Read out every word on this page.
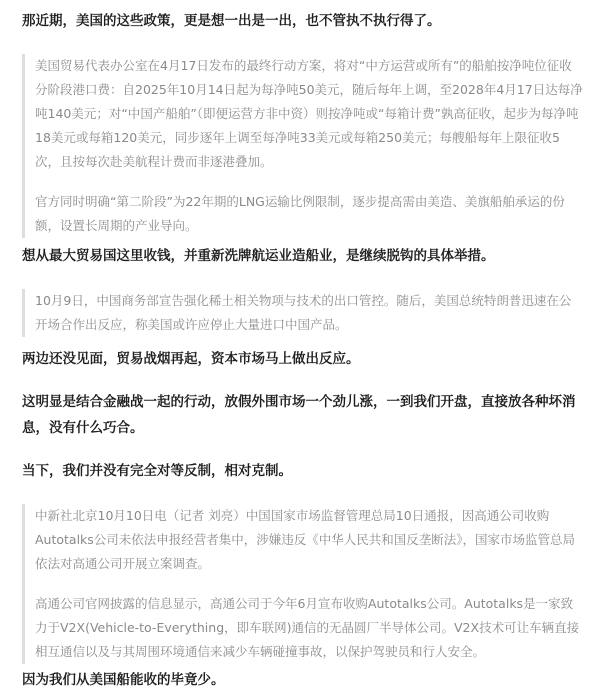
那近期，美国的这些政策，更是想一出是一出，也不管执不执行得了。

美国贸易代表办公室在4月17日发布的最终行动方案，将对“中方运营或所有”的船舶按净吨位征收分阶段港口费：自2025年10月14日起为每净吨50美元，随后每年上调，至2028年4月17日达每净吨140美元；对“中国产船舶”（即便运营方非中资）则按净吨或“每箱计费”孰高征收，起步为每净吨18美元或每箱120美元，同步逐年上调至每净吨33美元或每箱250美元；每艘船每年上限征收5次，且按每次赴美航程计费而非逐港叠加。

官方同时明确“第二阶段”为22年期的LNG运输比例限制，逐步提高需由美造、美旗船舶承运的份额，设置长周期的产业导向。

想从最大贸易国这里收钱，并重新洗牌航运业造船业，是继续脱钩的具体举措。

10月9日，中国商务部宣告强化稀土相关物项与技术的出口管控。随后，美国总统特朗普迅速在公开场合作出反应，称美国或许应停止大量进口中国产品。

两边还没见面，贸易战烟再起，资本市场马上做出反应。

这明显是结合金融战一起的行动，放假外围市场一个劲儿涨，一到我们开盘，直接放各种坏消息，没有什么巧合。

当下，我们并没有完全对等反制，相对克制。

中新社北京10月10日电（记者 刘亮）中国国家市场监督管理总局10日通报，因高通公司收购Autotalks公司未依法申报经营者集中，涉嫌违反《中华人民共和国反垄断法》，国家市场监管总局依法对高通公司开展立案调查。

高通公司官网披露的信息显示，高通公司于今年6月宣布收购Autotalks公司。Autotalks是一家致力于V2X(Vehicle-to-Everything，即车联网)通信的无晶圆厂半导体公司。V2X技术可让车辆直接相互通信以及与其周围环境通信来减少车辆碰撞事故，以保护驾驶员和行人安全。

因为我们从美国船能收的毕竟少。
